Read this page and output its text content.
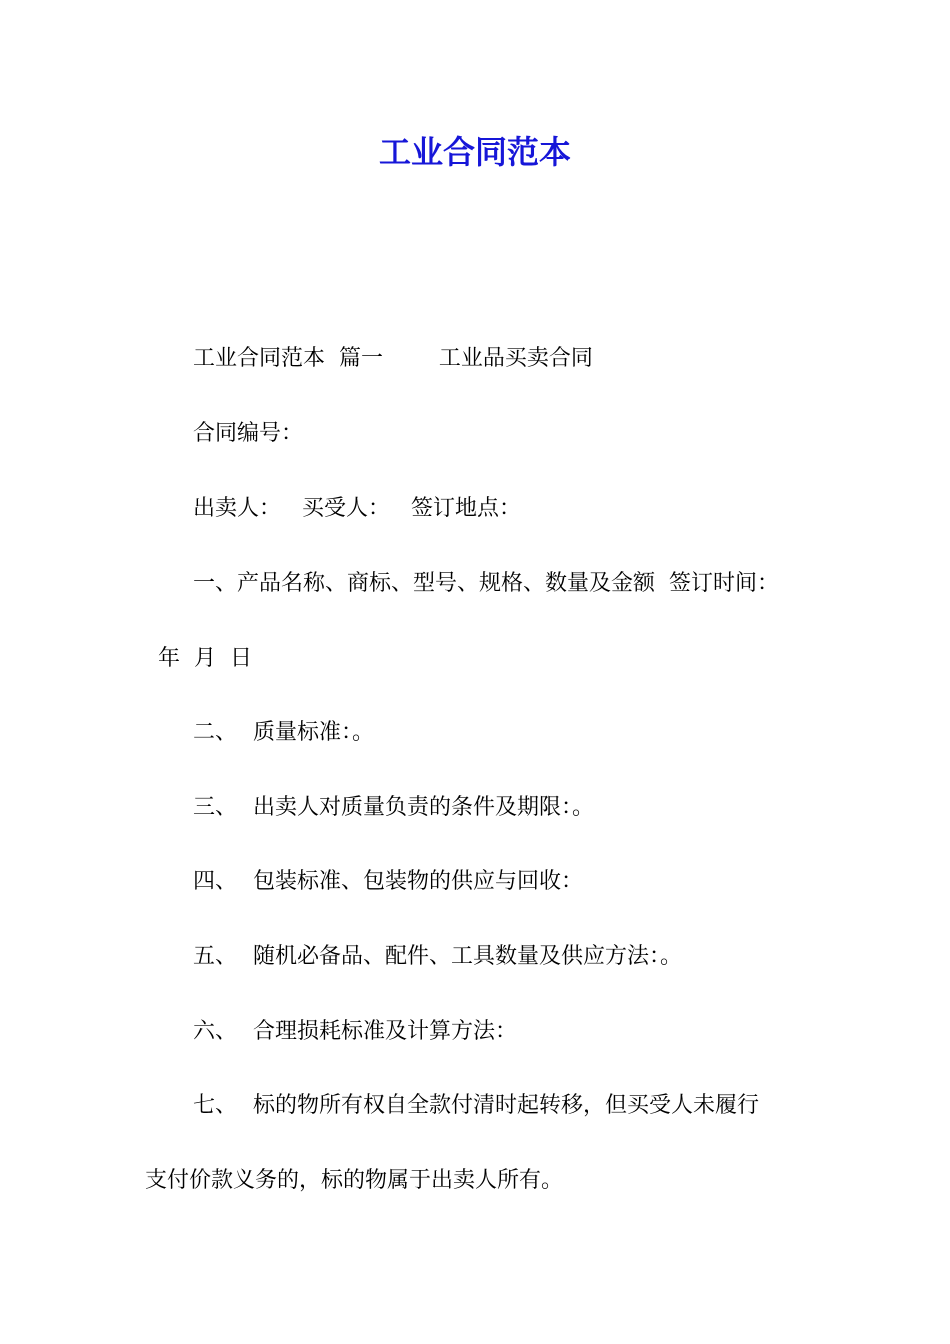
工业合同范本

工业合同范本  篇一        工业品买卖合同

合同编号：

出卖人：   买受人：   签订地点：

一、产品名称、商标、型号、规格、数量及金额  签订时间：

年  月  日

二、 质量标准：。

三、 出卖人对质量负责的条件及期限：。

四、 包装标准、包装物的供应与回收：

五、 随机必备品、配件、工具数量及供应方法：。

六、 合理损耗标准及计算方法：

七、 标的物所有权自全款付清时起转移，但买受人未履行

支付价款义务的，标的物属于出卖人所有。
